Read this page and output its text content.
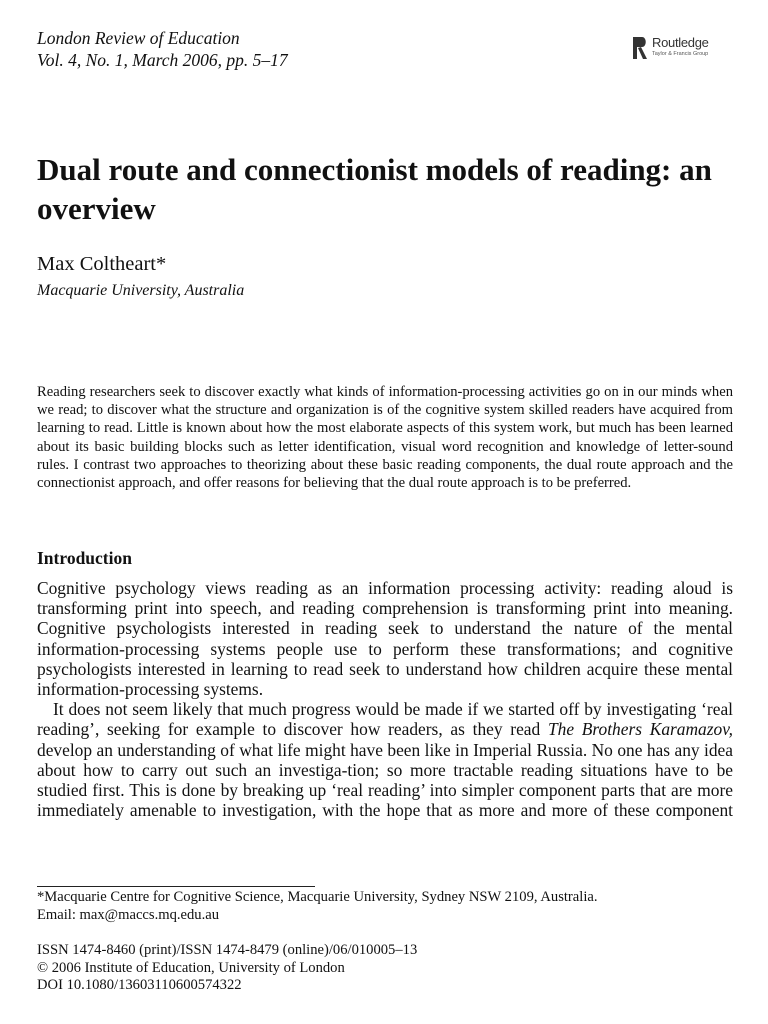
London Review of Education
Vol. 4, No. 1, March 2006, pp. 5–17
Routledge
Taylor & Francis Group
Dual route and connectionist models of reading: an overview
Max Coltheart*
Macquarie University, Australia

Reading researchers seek to discover exactly what kinds of information-processing activities go on in our minds when we read; to discover what the structure and organization is of the cognitive system skilled readers have acquired from learning to read. Little is known about how the most elaborate aspects of this system work, but much has been learned about its basic building blocks such as letter identification, visual word recognition and knowledge of letter-sound rules. I contrast two approaches to theorizing about these basic reading components, the dual route approach and the connectionist approach, and offer reasons for believing that the dual route approach is to be preferred.

Introduction

Cognitive psychology views reading as an information processing activity: reading aloud is transforming print into speech, and reading comprehension is transforming print into meaning. Cognitive psychologists interested in reading seek to understand the nature of the mental information-processing systems people use to perform these transformations; and cognitive psychologists interested in learning to read seek to understand how children acquire these mental information-processing systems.

It does not seem likely that much progress would be made if we started off by investigating ‘real reading’, seeking for example to discover how readers, as they read The Brothers Karamazov, develop an understanding of what life might have been like in Imperial Russia. No one has any idea about how to carry out such an investiga-tion; so more tractable reading situations have to be studied first. This is done by breaking up ‘real reading’ into simpler component parts that are more immediately amenable to investigation, with the hope that as more and more of these component

*Macquarie Centre for Cognitive Science, Macquarie University, Sydney NSW 2109, Australia.
Email: max@maccs.mq.edu.au
ISSN 1474-8460 (print)/ISSN 1474-8479 (online)/06/010005–13
© 2006 Institute of Education, University of London
DOI 10.1080/13603110600574322
